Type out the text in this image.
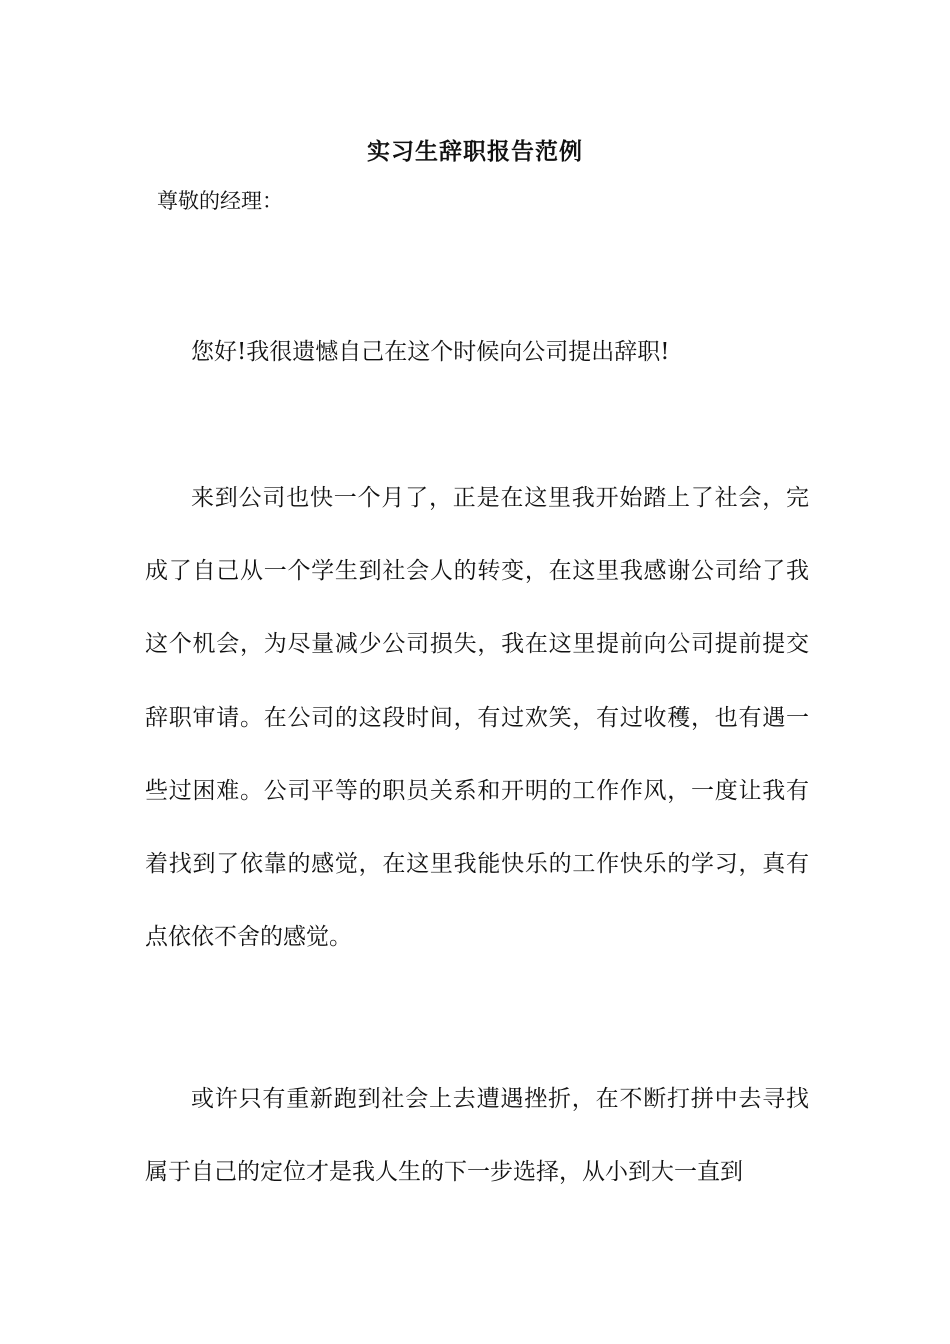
实习生辞职报告范例

尊敬的经理：

您好!我很遗憾自己在这个时候向公司提出辞职!

来到公司也快一个月了，正是在这里我开始踏上了社会，完成了自己从一个学生到社会人的转变，在这里我感谢公司给了我这个机会，为尽量减少公司损失，我在这里提前向公司提前提交辞职审请。在公司的这段时间，有过欢笑，有过收穫，也有遇一些过困难。公司平等的职员关系和开明的工作作风，一度让我有着找到了依靠的感觉，在这里我能快乐的工作快乐的学习，真有点依依不舍的感觉。

或许只有重新跑到社会上去遭遇挫折，在不断打拼中去寻找属于自己的定位才是我人生的下一步选择，从小到大一直到
